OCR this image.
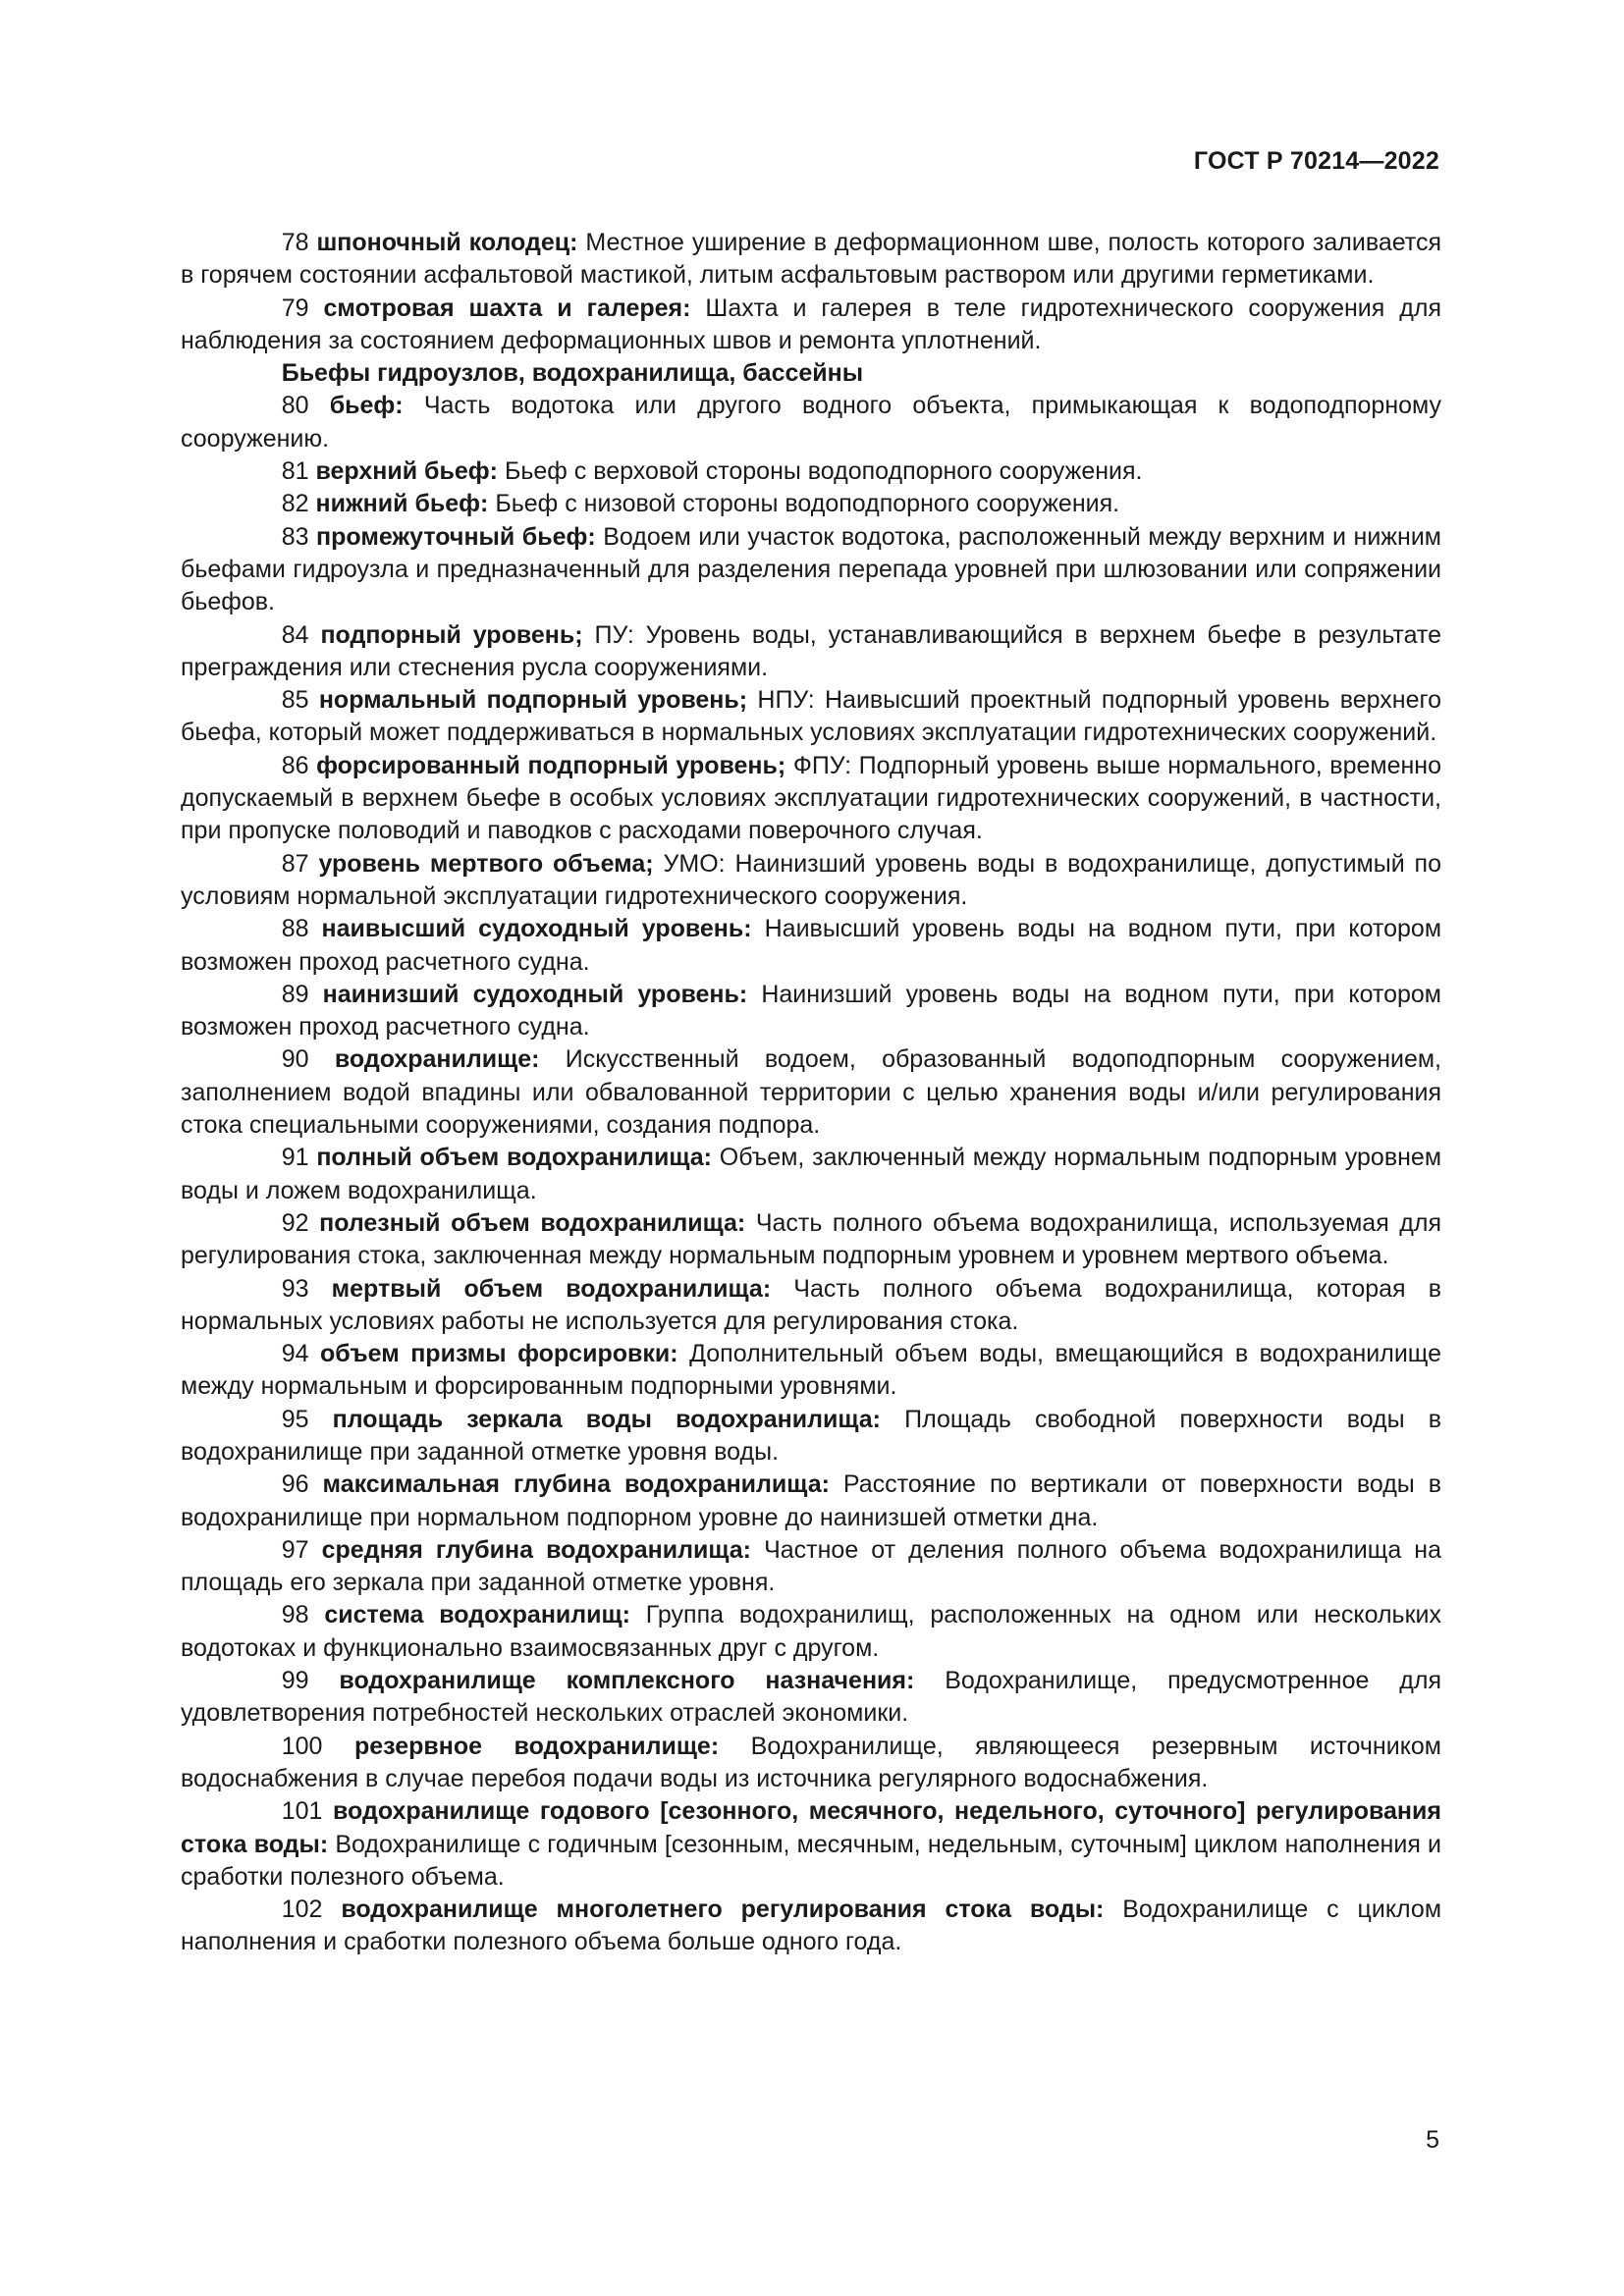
ГОСТ Р 70214—2022

78 шпоночный колодец: Местное уширение в деформационном шве, полость которого заливается в горячем состоянии асфальтовой мастикой, литым асфальтовым раствором или другими герметиками.

79 смотровая шахта и галерея: Шахта и галерея в теле гидротехнического сооружения для наблюдения за состоянием деформационных швов и ремонта уплотнений.

Бьефы гидроузлов, водохранилища, бассейны

80 бьеф: Часть водотока или другого водного объекта, примыкающая к водоподпорному сооружению.

81 верхний бьеф: Бьеф с верховой стороны водоподпорного сооружения.

82 нижний бьеф: Бьеф с низовой стороны водоподпорного сооружения.

83 промежуточный бьеф: Водоем или участок водотока, расположенный между верхним и нижним бьефами гидроузла и предназначенный для разделения перепада уровней при шлюзовании или сопряжении бьефов.

84 подпорный уровень; ПУ: Уровень воды, устанавливающийся в верхнем бьефе в результате преграждения или стеснения русла сооружениями.

85 нормальный подпорный уровень; НПУ: Наивысший проектный подпорный уровень верхнего бьефа, который может поддерживаться в нормальных условиях эксплуатации гидротехнических сооружений.

86 форсированный подпорный уровень; ФПУ: Подпорный уровень выше нормального, временно допускаемый в верхнем бьефе в особых условиях эксплуатации гидротехнических сооружений, в частности, при пропуске половодий и паводков с расходами поверочного случая.

87 уровень мертвого объема; УМО: Наинизший уровень воды в водохранилище, допустимый по условиям нормальной эксплуатации гидротехнического сооружения.

88 наивысший судоходный уровень: Наивысший уровень воды на водном пути, при котором возможен проход расчетного судна.

89 наинизший судоходный уровень: Наинизший уровень воды на водном пути, при котором возможен проход расчетного судна.

90 водохранилище: Искусственный водоем, образованный водоподпорным сооружением, заполнением водой впадины или обвалованной территории с целью хранения воды и/или регулирования стока специальными сооружениями, создания подпора.

91 полный объем водохранилища: Объем, заключенный между нормальным подпорным уровнем воды и ложем водохранилища.

92 полезный объем водохранилища: Часть полного объема водохранилища, используемая для регулирования стока, заключенная между нормальным подпорным уровнем и уровнем мертвого объема.

93 мертвый объем водохранилища: Часть полного объема водохранилища, которая в нормальных условиях работы не используется для регулирования стока.

94 объем призмы форсировки: Дополнительный объем воды, вмещающийся в водохранилище между нормальным и форсированным подпорными уровнями.

95 площадь зеркала воды водохранилища: Площадь свободной поверхности воды в водохранилище при заданной отметке уровня воды.

96 максимальная глубина водохранилища: Расстояние по вертикали от поверхности воды в водохранилище при нормальном подпорном уровне до наинизшей отметки дна.

97 средняя глубина водохранилища: Частное от деления полного объема водохранилища на площадь его зеркала при заданной отметке уровня.

98 система водохранилищ: Группа водохранилищ, расположенных на одном или нескольких водотоках и функционально взаимосвязанных друг с другом.

99 водохранилище комплексного назначения: Водохранилище, предусмотренное для удовлетворения потребностей нескольких отраслей экономики.

100 резервное водохранилище: Водохранилище, являющееся резервным источником водоснабжения в случае перебоя подачи воды из источника регулярного водоснабжения.

101 водохранилище годового [сезонного, месячного, недельного, суточного] регулирования стока воды: Водохранилище с годичным [сезонным, месячным, недельным, суточным] циклом наполнения и сработки полезного объема.

102 водохранилище многолетнего регулирования стока воды: Водохранилище с циклом наполнения и сработки полезного объема больше одного года.

5
